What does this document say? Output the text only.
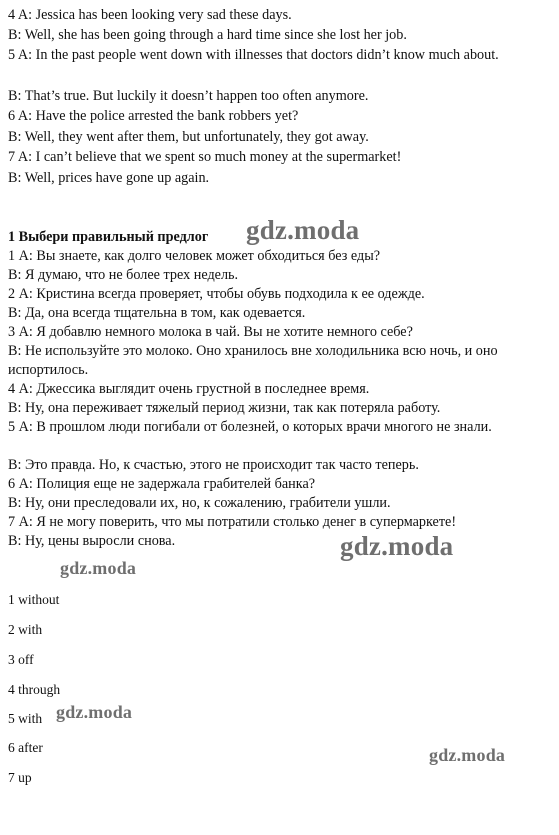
4 A: Jessica has been looking very sad these days.
B: Well, she has been going through a hard time since she lost her job.
5 A: In the past people went down with illnesses that doctors didn’t know much about.
B: That’s true. But luckily it doesn’t happen too often anymore.
6 A: Have the police arrested the bank robbers yet?
B: Well, they went after them, but unfortunately, they got away.
7 A: I can’t believe that we spent so much money at the supermarket!
B: Well, prices have gone up again.
1 Выбери правильный предлог
1 А: Вы знаете, как долго человек может обходиться без еды?
В: Я думаю, что не более трех недель.
2 А: Кристина всегда проверяет, чтобы обувь подходила к ее одежде.
В: Да, она всегда тщательна в том, как одевается.
3 А: Я добавлю немного молока в чай. Вы не хотите немного себе?
В: Не используйте это молоко. Оно хранилось вне холодильника всю ночь, и оно испортилось.
4 А: Джессика выглядит очень грустной в последнее время.
В: Ну, она переживает тяжелый период жизни, так как потеряла работу.
5 А: В прошлом люди погибали от болезней, о которых врачи многого не знали.
В: Это правда. Но, к счастью, этого не происходит так часто теперь.
6 А: Полиция еще не задержала грабителей банка?
В: Ну, они преследовали их, но, к сожалению, грабители ушли.
7 А: Я не могу поверить, что мы потратили столько денег в супермаркете!
В: Ну, цены выросли снова.
1 without
2 with
3 off
4 through
5 with
6 after
7 up
gdz.moda
gdz.moda
gdz.moda
gdz.moda
gdz.moda
